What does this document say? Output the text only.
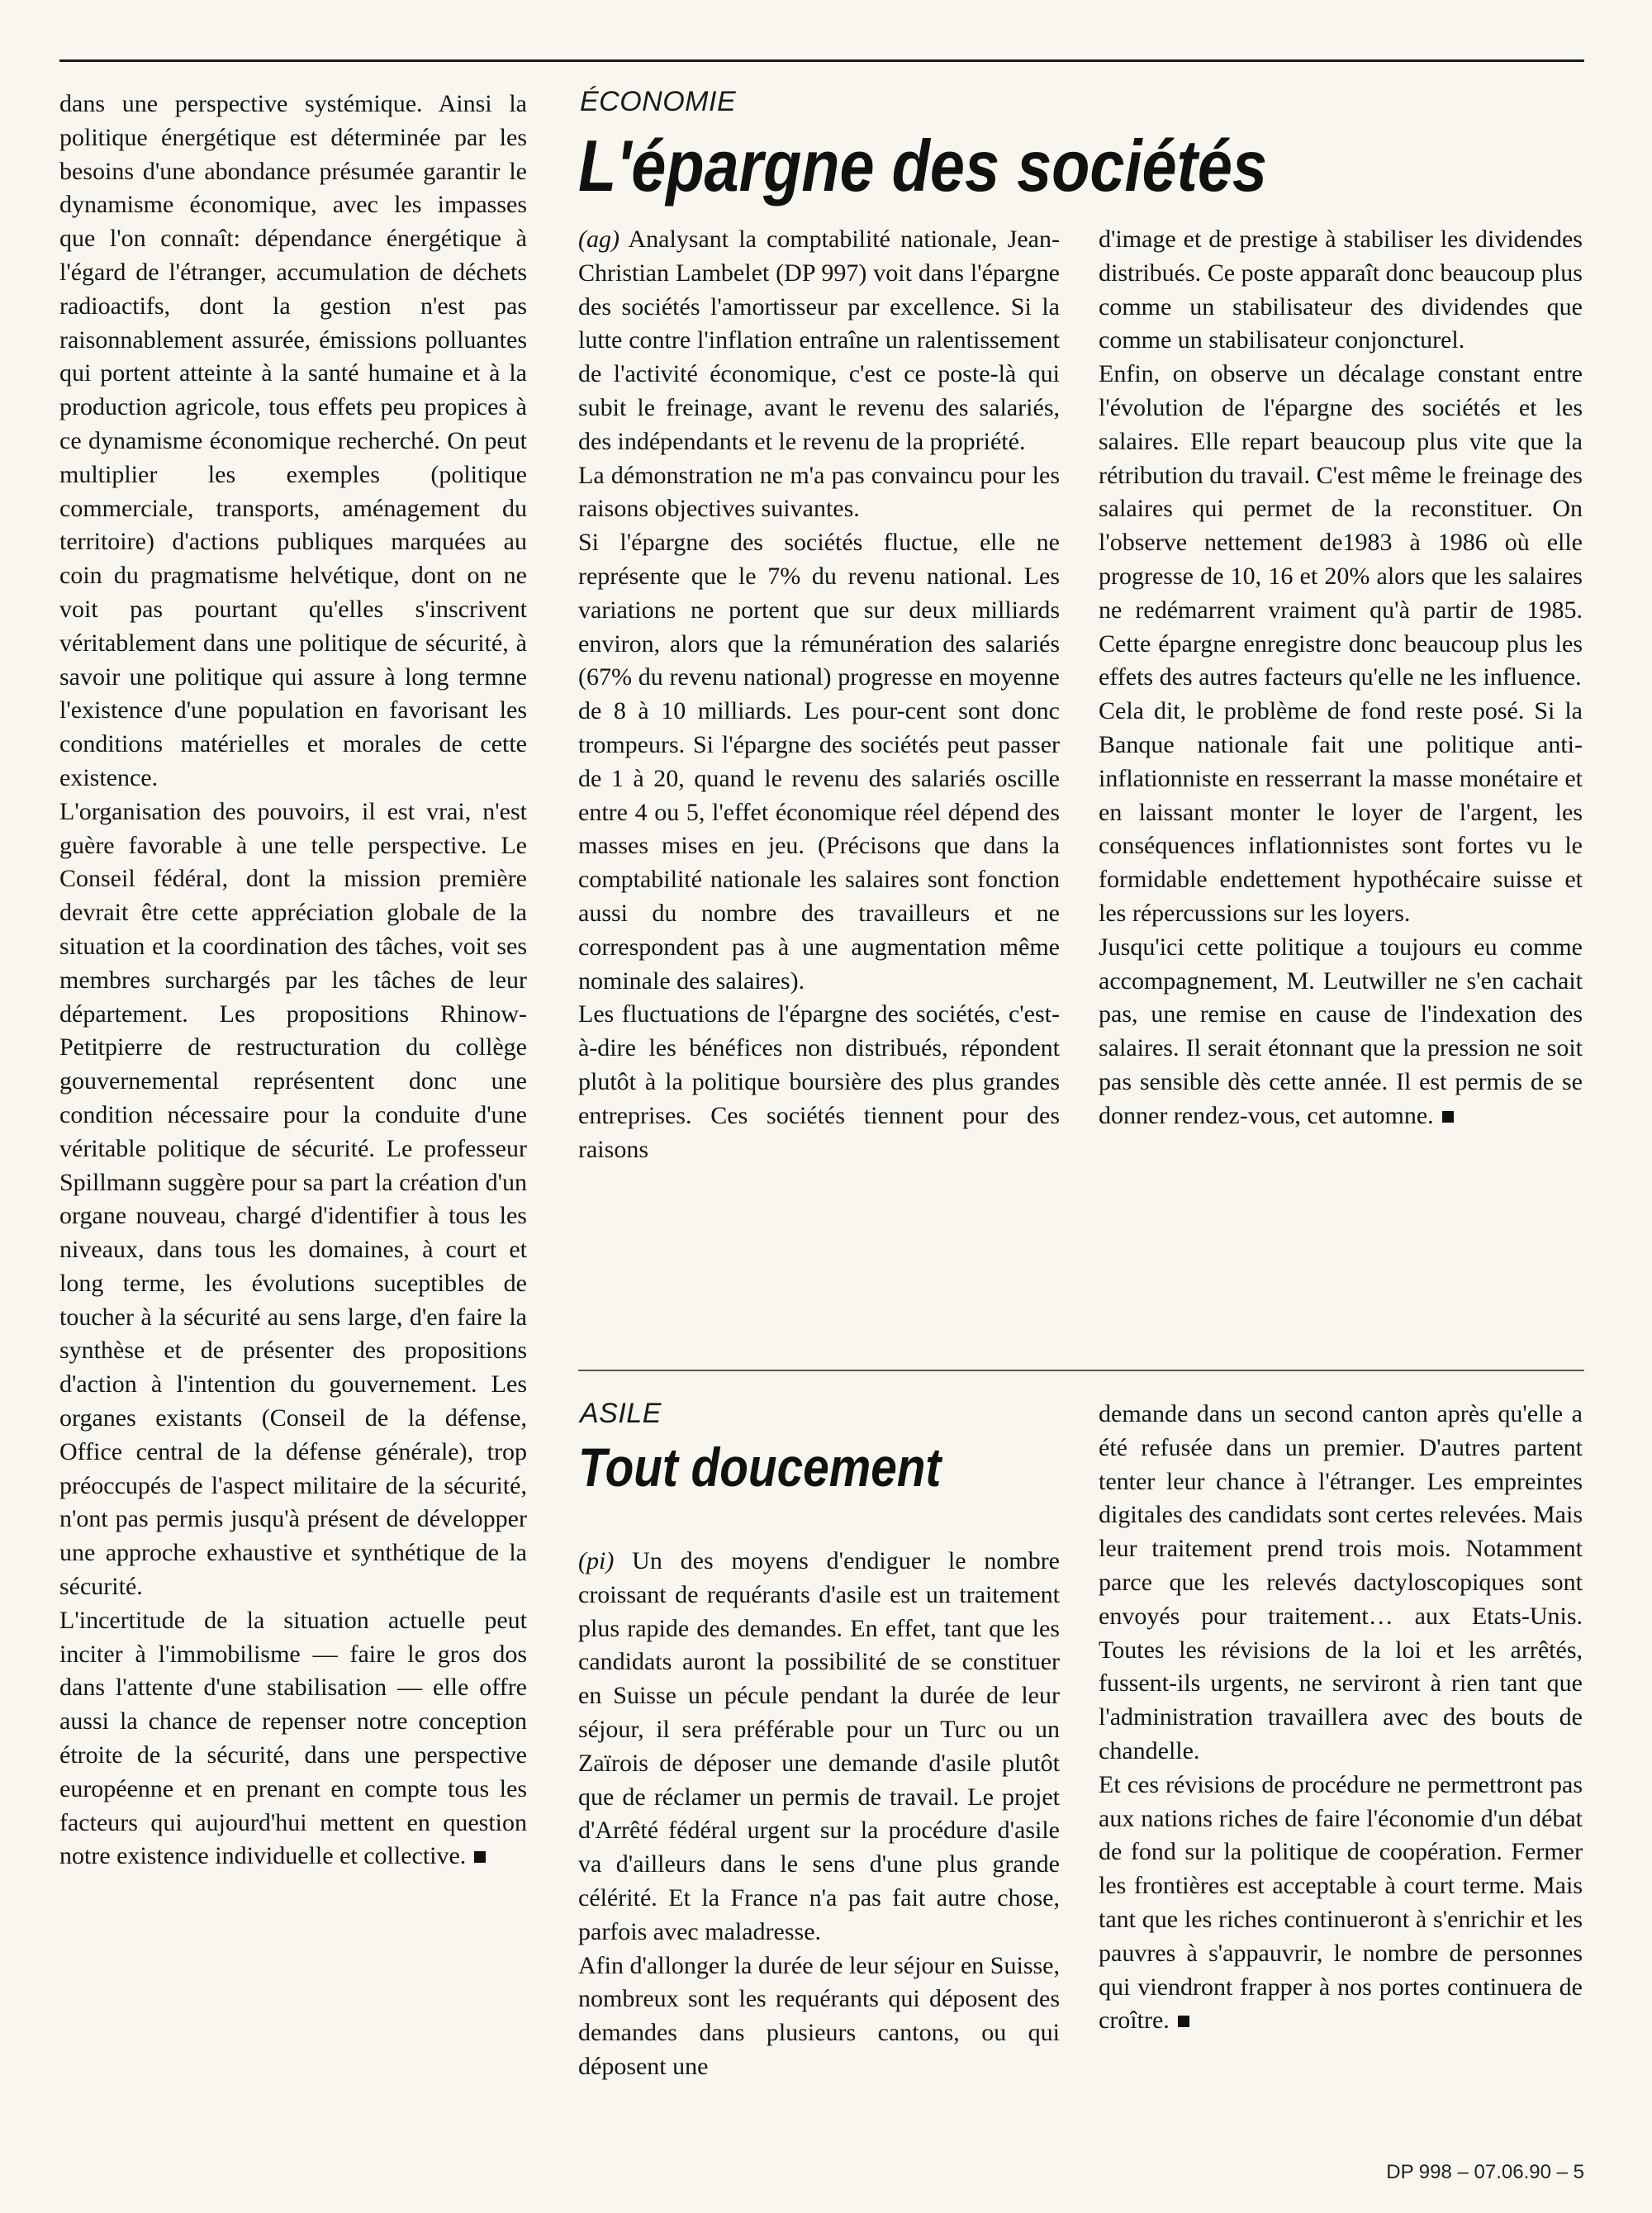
dans une perspective systémique. Ainsi la politique énergétique est déterminée par les besoins d'une abondance présumée garantir le dynamisme économique, avec les impasses que l'on connaît: dépendance énergétique à l'égard de l'étranger, accumulation de déchets radioactifs, dont la gestion n'est pas raisonnablement assurée, émissions polluantes qui portent atteinte à la santé humaine et à la production agricole, tous effets peu propices à ce dynamisme économique recherché. On peut multiplier les exemples (politique commerciale, transports, aménagement du territoire) d'actions publiques marquées au coin du pragmatisme helvétique, dont on ne voit pas pourtant qu'elles s'inscrivent véritablement dans une politique de sécurité, à savoir une politique qui assure à long termne l'existence d'une population en favorisant les conditions matérielles et morales de cette existence.

L'organisation des pouvoirs, il est vrai, n'est guère favorable à une telle perspective. Le Conseil fédéral, dont la mission première devrait être cette appréciation globale de la situation et la coordination des tâches, voit ses membres surchargés par les tâches de leur département. Les propositions Rhinow-Petitpierre de restructuration du collège gouvernemental représentent donc une condition nécessaire pour la conduite d'une véritable politique de sécurité. Le professeur Spillmann suggère pour sa part la création d'un organe nouveau, chargé d'identifier à tous les niveaux, dans tous les domaines, à court et long terme, les évolutions suceptibles de toucher à la sécurité au sens large, d'en faire la synthèse et de présenter des propositions d'action à l'intention du gouvernement. Les organes existants (Conseil de la défense, Office central de la défense générale), trop préoccupés de l'aspect militaire de la sécurité, n'ont pas permis jusqu'à présent de développer une approche exhaustive et synthétique de la sécurité.

L'incertitude de la situation actuelle peut inciter à l'immobilisme — faire le gros dos dans l'attente d'une stabilisation — elle offre aussi la chance de repenser notre conception étroite de la sécurité, dans une perspective européenne et en prenant en compte tous les facteurs qui aujourd'hui mettent en question notre existence individuelle et collective.

ÉCONOMIE
L'épargne des sociétés

(ag) Analysant la comptabilité nationale, Jean-Christian Lambelet (DP 997) voit dans l'épargne des sociétés l'amortisseur par excellence. Si la lutte contre l'inflation entraîne un ralentissement de l'activité économique, c'est ce poste-là qui subit le freinage, avant le revenu des salariés, des indépendants et le revenu de la propriété.

La démonstration ne m'a pas convaincu pour les raisons objectives suivantes.

Si l'épargne des sociétés fluctue, elle ne représente que le 7% du revenu national. Les variations ne portent que sur deux milliards environ, alors que la rémunération des salariés (67% du revenu national) progresse en moyenne de 8 à 10 milliards. Les pour-cent sont donc trompeurs. Si l'épargne des sociétés peut passer de 1 à 20, quand le revenu des salariés oscille entre 4 ou 5, l'effet économique réel dépend des masses mises en jeu. (Précisons que dans la comptabilité nationale les salaires sont fonction aussi du nombre des travailleurs et ne correspondent pas à une augmentation même nominale des salaires).

Les fluctuations de l'épargne des sociétés, c'est-à-dire les bénéfices non distribués, répondent plutôt à la politique boursière des plus grandes entreprises. Ces sociétés tiennent pour des raisons

d'image et de prestige à stabiliser les dividendes distribués. Ce poste apparaît donc beaucoup plus comme un stabilisateur des dividendes que comme un stabilisateur conjoncturel.

Enfin, on observe un décalage constant entre l'évolution de l'épargne des sociétés et les salaires. Elle repart beaucoup plus vite que la rétribution du travail. C'est même le freinage des salaires qui permet de la reconstituer. On l'observe nettement de1983 à 1986 où elle progresse de 10, 16 et 20% alors que les salaires ne redémarrent vraiment qu'à partir de 1985. Cette épargne enregistre donc beaucoup plus les effets des autres facteurs qu'elle ne les influence.

Cela dit, le problème de fond reste posé. Si la Banque nationale fait une politique anti-inflationniste en resserrant la masse monétaire et en laissant monter le loyer de l'argent, les conséquences inflationnistes sont fortes vu le formidable endettement hypothécaire suisse et les répercussions sur les loyers.

Jusqu'ici cette politique a toujours eu comme accompagnement, M. Leutwiller ne s'en cachait pas, une remise en cause de l'indexation des salaires. Il serait étonnant que la pression ne soit pas sensible dès cette année. Il est permis de se donner rendez-vous, cet automne.

ASILE
Tout doucement

(pi) Un des moyens d'endiguer le nombre croissant de requérants d'asile est un traitement plus rapide des demandes. En effet, tant que les candidats auront la possibilité de se constituer en Suisse un pécule pendant la durée de leur séjour, il sera préférable pour un Turc ou un Zaïrois de déposer une demande d'asile plutôt que de réclamer un permis de travail. Le projet d'Arrêté fédéral urgent sur la procédure d'asile va d'ailleurs dans le sens d'une plus grande célérité. Et la France n'a pas fait autre chose, parfois avec maladresse.

Afin d'allonger la durée de leur séjour en Suisse, nombreux sont les requérants qui déposent des demandes dans plusieurs cantons, ou qui déposent une

demande dans un second canton après qu'elle a été refusée dans un premier. D'autres partent tenter leur chance à l'étranger. Les empreintes digitales des candidats sont certes relevées. Mais leur traitement prend trois mois. Notamment parce que les relevés dactyloscopiques sont envoyés pour traitement… aux Etats-Unis. Toutes les révisions de la loi et les arrêtés, fussent-ils urgents, ne serviront à rien tant que l'administration travaillera avec des bouts de chandelle.

Et ces révisions de procédure ne permettront pas aux nations riches de faire l'économie d'un débat de fond sur la politique de coopération. Fermer les frontières est acceptable à court terme. Mais tant que les riches continueront à s'enrichir et les pauvres à s'appauvrir, le nombre de personnes qui viendront frapper à nos portes continuera de croître.

DP 998 – 07.06.90 – 5
